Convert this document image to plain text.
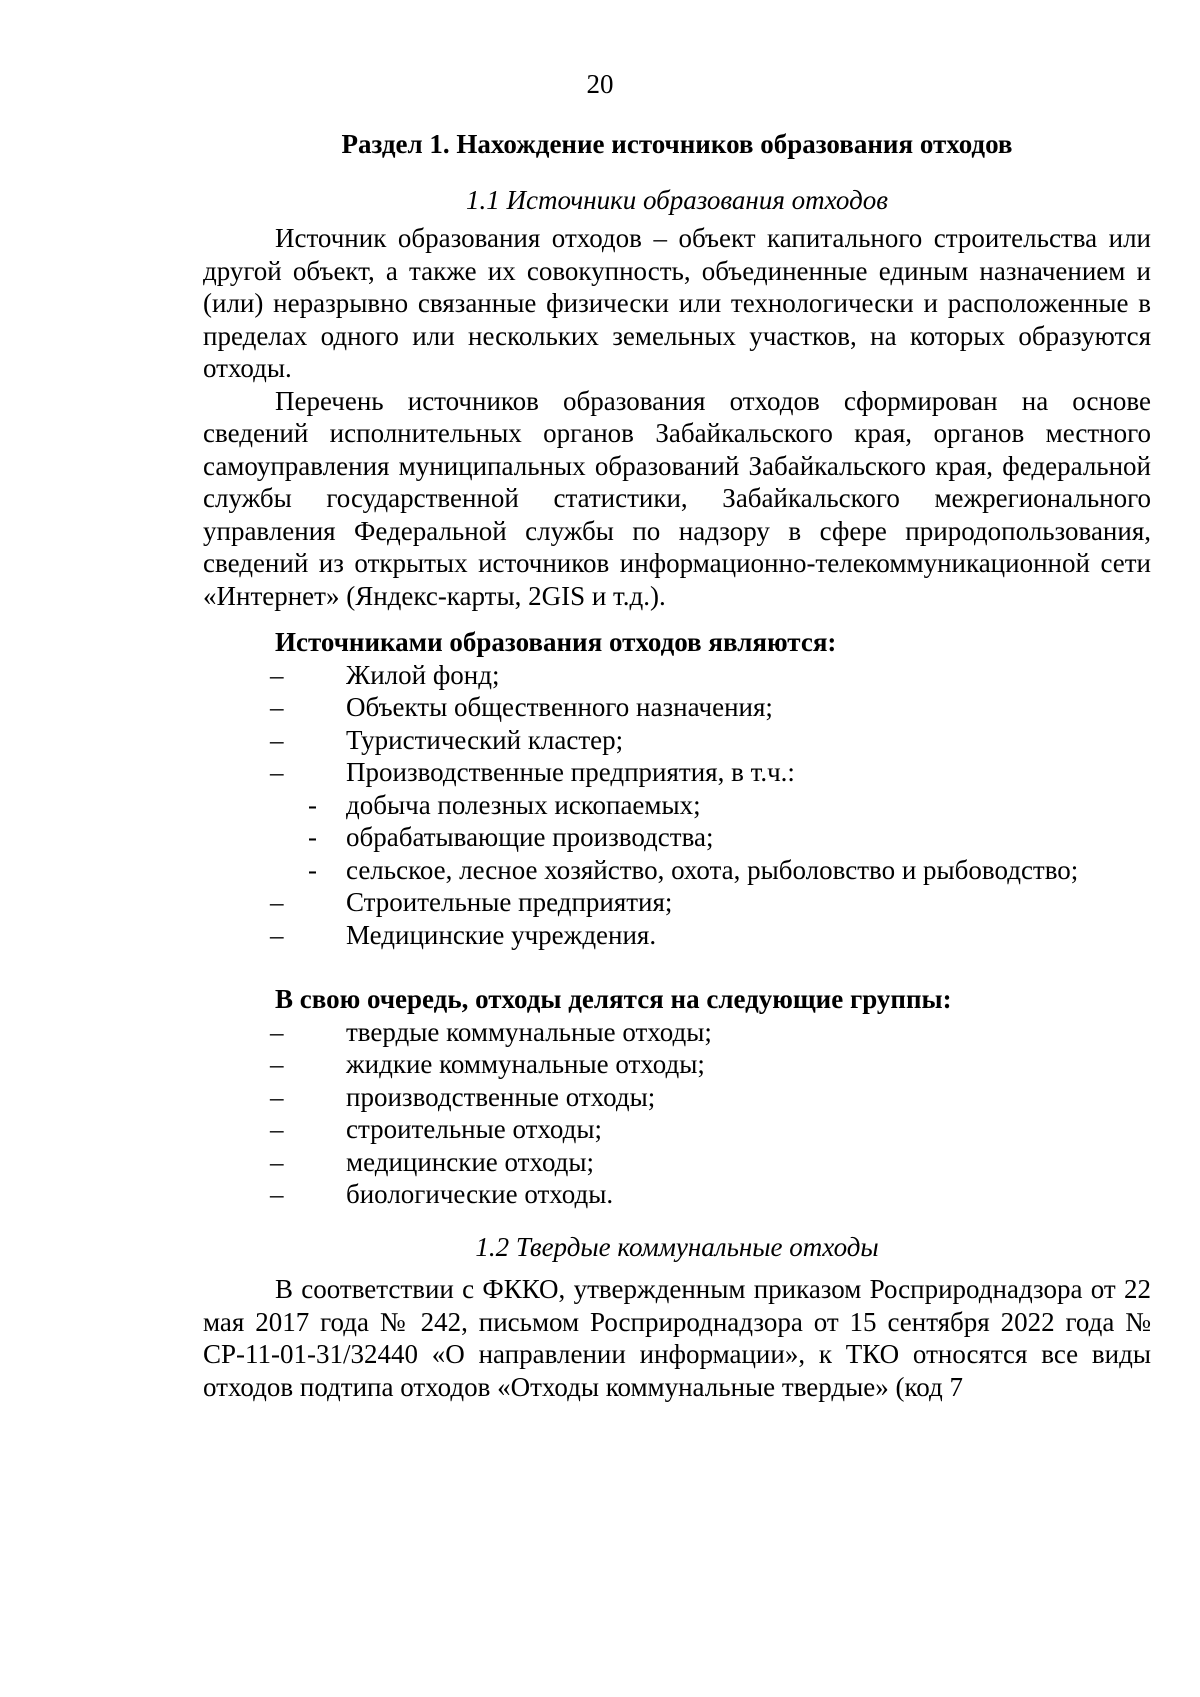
20
Раздел 1. Нахождение источников образования отходов
1.1 Источники образования отходов

Источник образования отходов – объект капитального строительства или другой объект, а также их совокупность, объединенные единым назначением и (или) неразрывно связанные физически или технологически и расположенные в пределах одного или нескольких земельных участков, на которых образуются отходы.

Перечень источников образования отходов сформирован на основе сведений исполнительных органов Забайкальского края, органов местного самоуправления муниципальных образований Забайкальского края, федеральной службы государственной статистики, Забайкальского межрегионального управления Федеральной службы по надзору в сфере природопользования, сведений из открытых источников информационно-телекоммуникационной сети «Интернет» (Яндекс-карты, 2GIS и т.д.).

Источниками образования отходов являются:
– Жилой фонд;
– Объекты общественного назначения;
– Туристический кластер;
– Производственные предприятия, в т.ч.:
- добыча полезных ископаемых;
- обрабатывающие производства;
- сельское, лесное хозяйство, охота, рыболовство и рыбоводство;
– Строительные предприятия;
– Медицинские учреждения.
В свою очередь, отходы делятся на следующие группы:
– твердые коммунальные отходы;
– жидкие коммунальные отходы;
– производственные отходы;
– строительные отходы;
– медицинские отходы;
– биологические отходы.
1.2 Твердые коммунальные отходы

В соответствии с ФККО, утвержденным приказом Росприроднадзора от 22 мая 2017 года № 242, письмом Росприроднадзора от 15 сентября 2022 года № СР-11-01-31/32440 «О направлении информации», к ТКО относятся все виды отходов подтипа отходов «Отходы коммунальные твердые» (код 7
